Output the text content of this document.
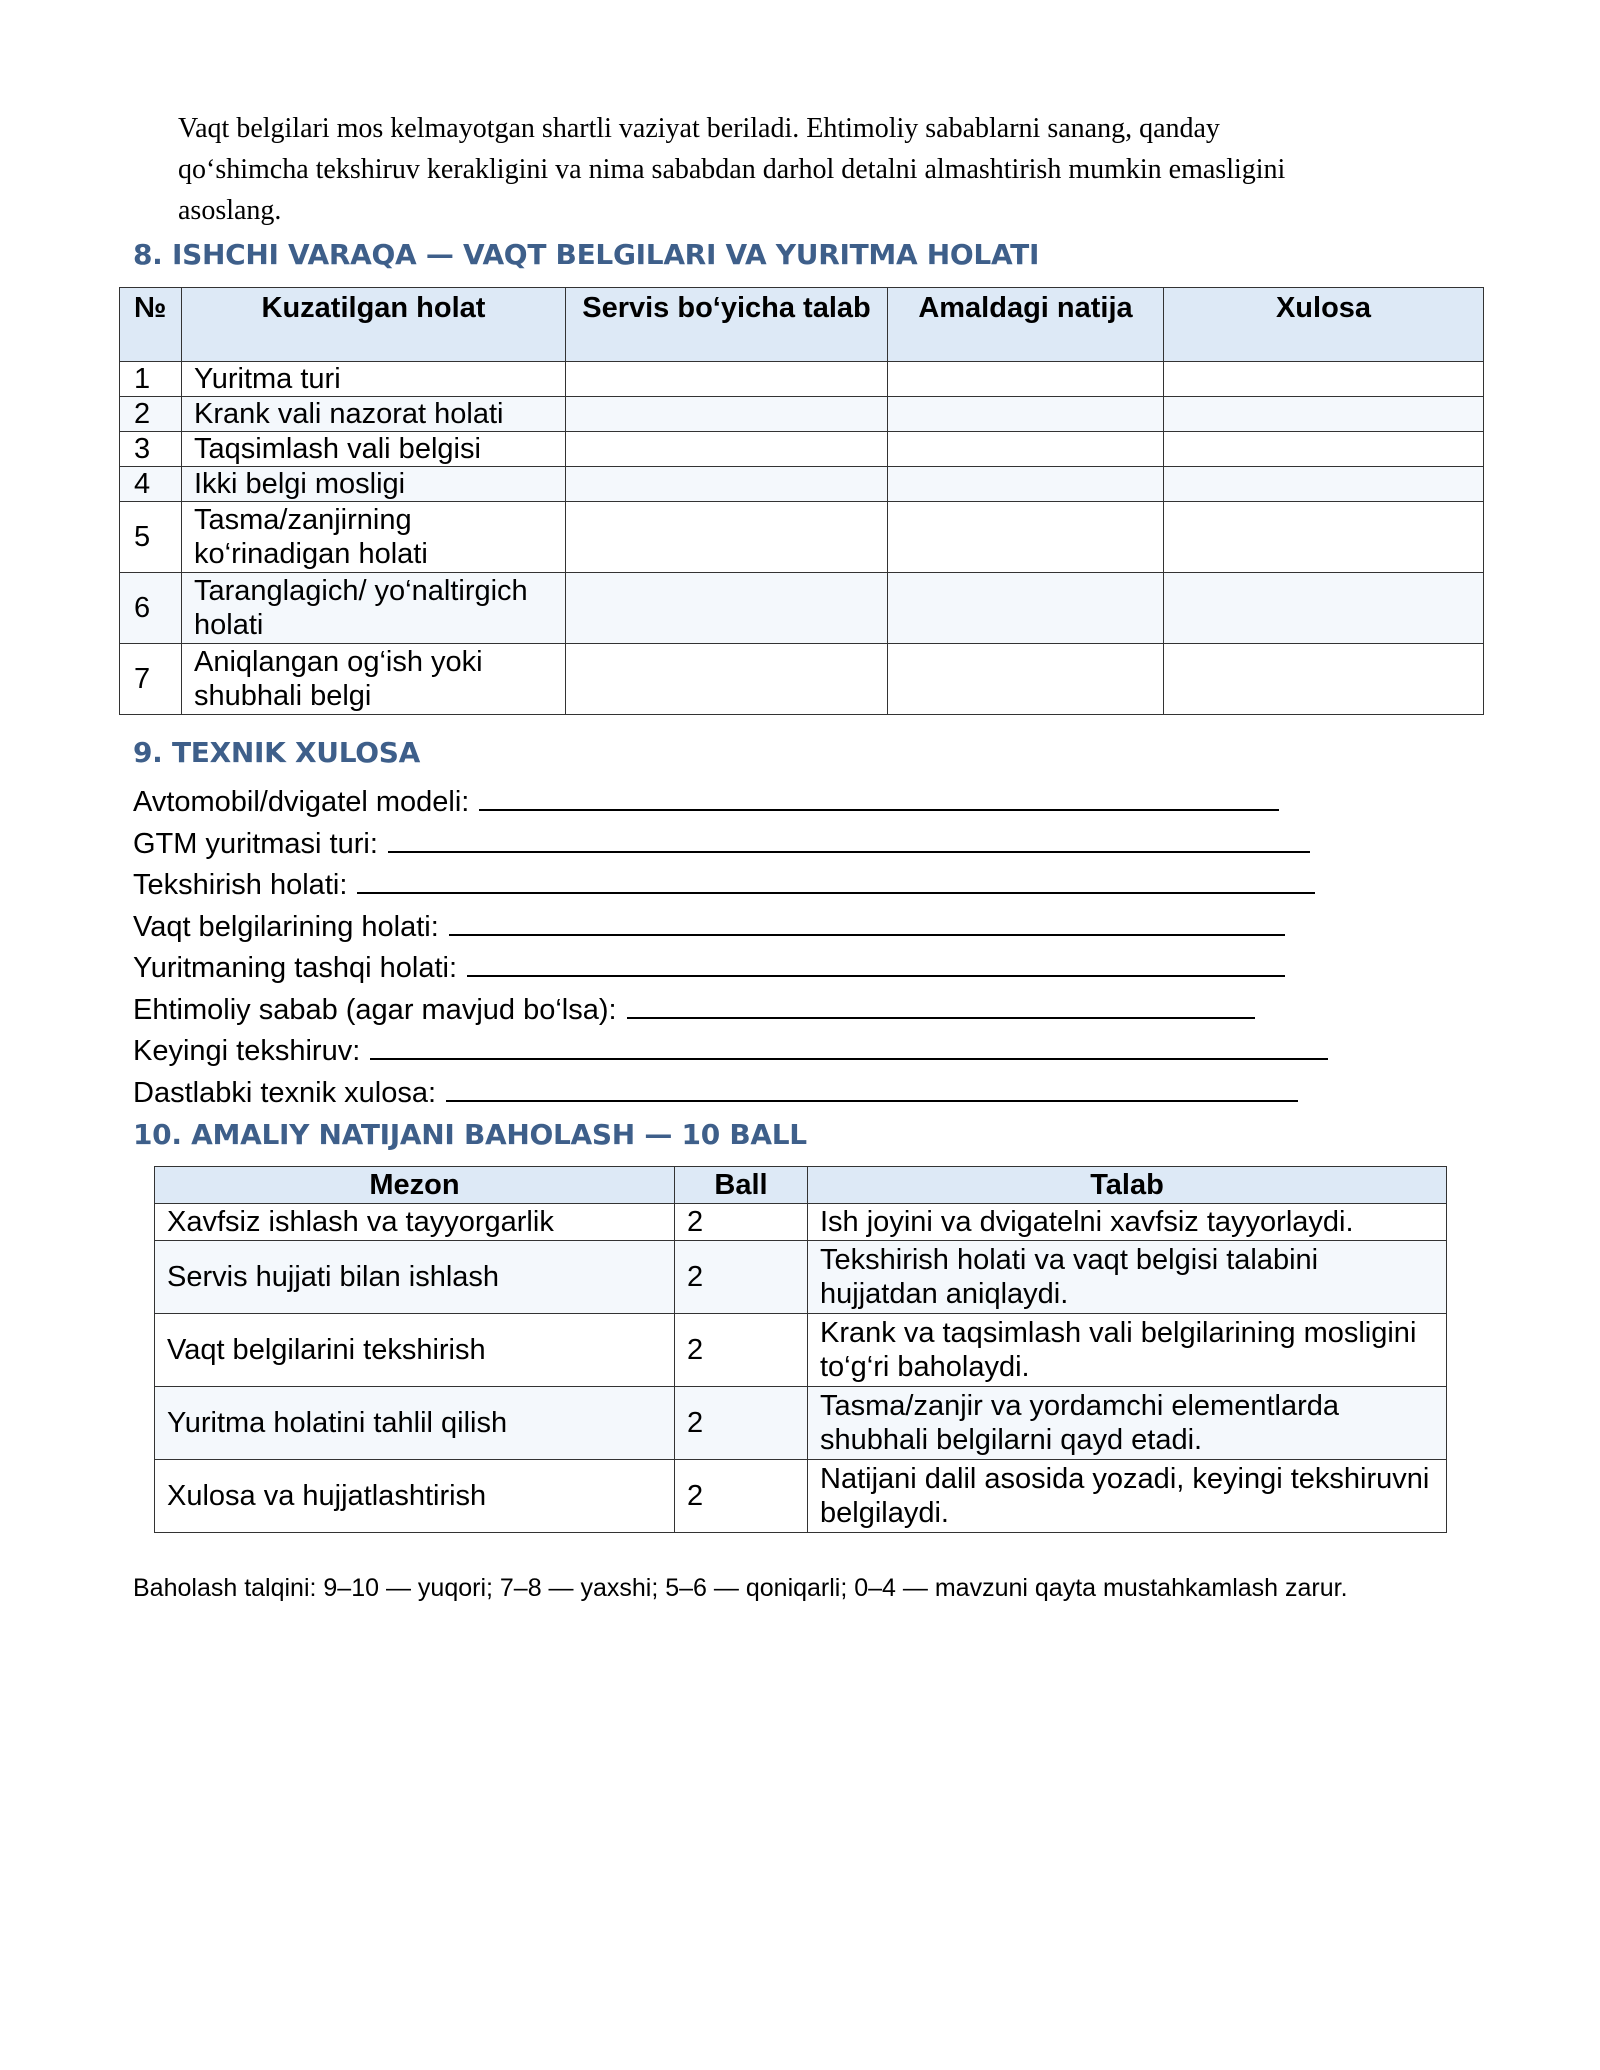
Vaqt belgilari mos kelmayotgan shartli vaziyat beriladi. Ehtimoliy sabablarni sanang, qanday

qo‘shimcha tekshiruv kerakligini va nima sababdan darhol detalni almashtirish mumkin emasligini

asoslang.

8. ISHCHI VARAQA — VAQT BELGILARI VA YURITMA HOLATI
№	Kuzatilgan holat	Servis bo‘yicha talab	Amaldagi natija	Xulosa
1	Yuritma turi			
2	Krank vali nazorat holati			
3	Taqsimlash vali belgisi			
4	Ikki belgi mosligi			
5	Tasma/zanjirning ko‘rinadigan holati			
6	Taranglagich/ yo‘naltirgich holati			
7	Aniqlangan og‘ish yoki shubhali belgi			
9. TEXNIK XULOSA
Avtomobil/dvigatel modeli:
GTM yuritmasi turi:
Tekshirish holati:
Vaqt belgilarining holati:
Yuritmaning tashqi holati:
Ehtimoliy sabab (agar mavjud bo‘lsa):
Keyingi tekshiruv:
Dastlabki texnik xulosa:
10. AMALIY NATIJANI BAHOLASH — 10 BALL
Mezon	Ball	Talab
Xavfsiz ishlash va tayyorgarlik	2	Ish joyini va dvigatelni xavfsiz tayyorlaydi.
Servis hujjati bilan ishlash	2	Tekshirish holati va vaqt belgisi talabini hujjatdan aniqlaydi.
Vaqt belgilarini tekshirish	2	Krank va taqsimlash vali belgilarining mosligini to‘g‘ri baholaydi.
Yuritma holatini tahlil qilish	2	Tasma/zanjir va yordamchi elementlarda shubhali belgilarni qayd etadi.
Xulosa va hujjatlashtirish	2	Natijani dalil asosida yozadi, keyingi tekshiruvni belgilaydi.
Baholash talqini: 9–10 — yuqori; 7–8 — yaxshi; 5–6 — qoniqarli; 0–4 — mavzuni qayta mustahkamlash zarur.
